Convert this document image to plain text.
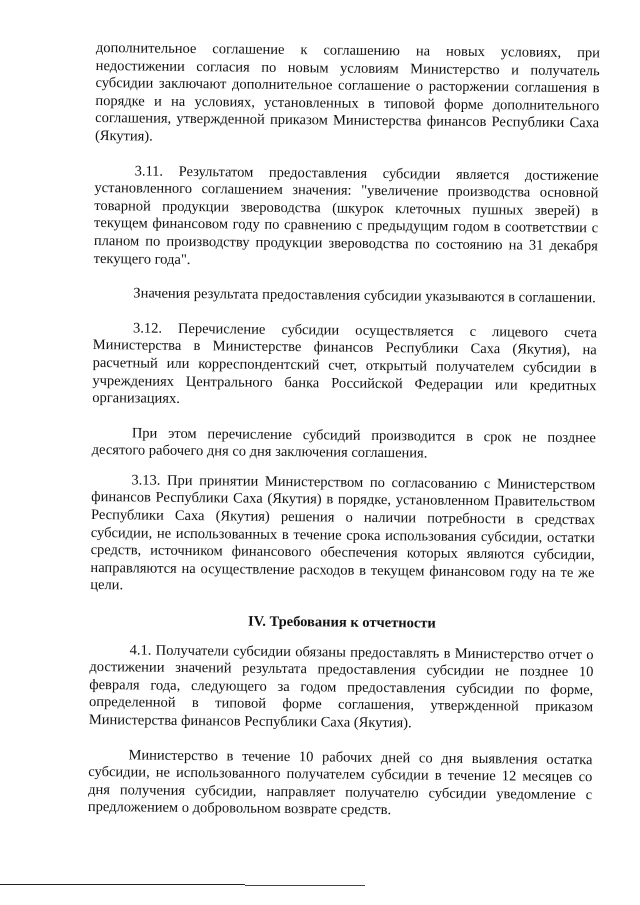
дополнительное соглашение к соглашению на новых условиях, при недостижении согласия по новым условиям Министерство и получатель субсидии заключают дополнительное соглашение о расторжении соглашения в порядке и на условиях, установленных в типовой форме дополнительного соглашения, утвержденной приказом Министерства финансов Республики Саха (Якутия).

3.11. Результатом предоставления субсидии является достижение установленного соглашением значения: "увеличение производства основной товарной продукции звероводства (шкурок клеточных пушных зверей) в текущем финансовом году по сравнению с предыдущим годом в соответствии с планом по производству продукции звероводства по состоянию на 31 декабря текущего года".

Значения результата предоставления субсидии указываются в соглашении.

3.12. Перечисление субсидии осуществляется с лицевого счета Министерства в Министерстве финансов Республики Саха (Якутия), на расчетный или корреспондентский счет, открытый получателем субсидии в учреждениях Центрального банка Российской Федерации или кредитных организациях.

При этом перечисление субсидий производится в срок не позднее десятого рабочего дня со дня заключения соглашения.

3.13. При принятии Министерством по согласованию с Министерством финансов Республики Саха (Якутия) в порядке, установленном Правительством Республики Саха (Якутия) решения о наличии потребности в средствах субсидии, не использованных в течение срока использования субсидии, остатки средств, источником финансового обеспечения которых являются субсидии, направляются на осуществление расходов в текущем финансовом году на те же цели.

IV. Требования к отчетности

4.1. Получатели субсидии обязаны предоставлять в Министерство отчет о достижении значений результата предоставления субсидии не позднее 10 февраля года, следующего за годом предоставления субсидии по форме, определенной в типовой форме соглашения, утвержденной приказом Министерства финансов Республики Саха (Якутия).

Министерство в течение 10 рабочих дней со дня выявления остатка субсидии, не использованного получателем субсидии в течение 12 месяцев со дня получения субсидии, направляет получателю субсидии уведомление с предложением о добровольном возврате средств.
